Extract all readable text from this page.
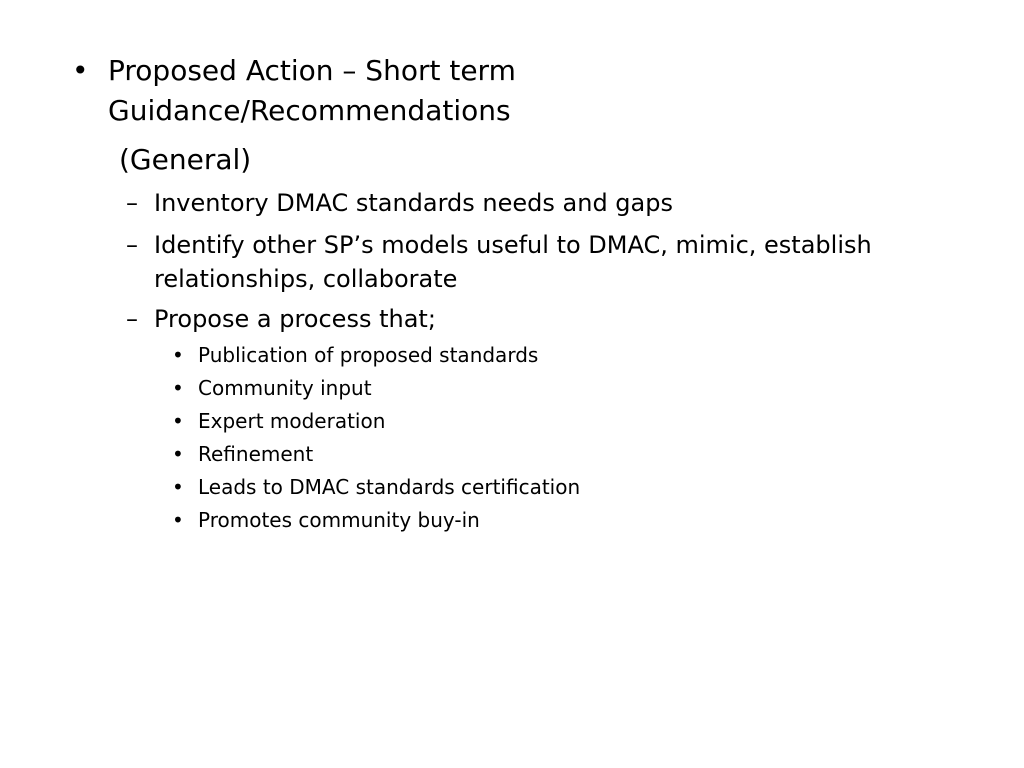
• Proposed Action – Short term Guidance/Recommendations
(General)
– Inventory DMAC standards needs and gaps
– Identify other SP’s models useful to DMAC, mimic, establish relationships, collaborate
– Propose a process that;
• Publication of proposed standards
• Community input
• Expert moderation
• Refinement
• Leads to DMAC standards certification
• Promotes community buy-in
